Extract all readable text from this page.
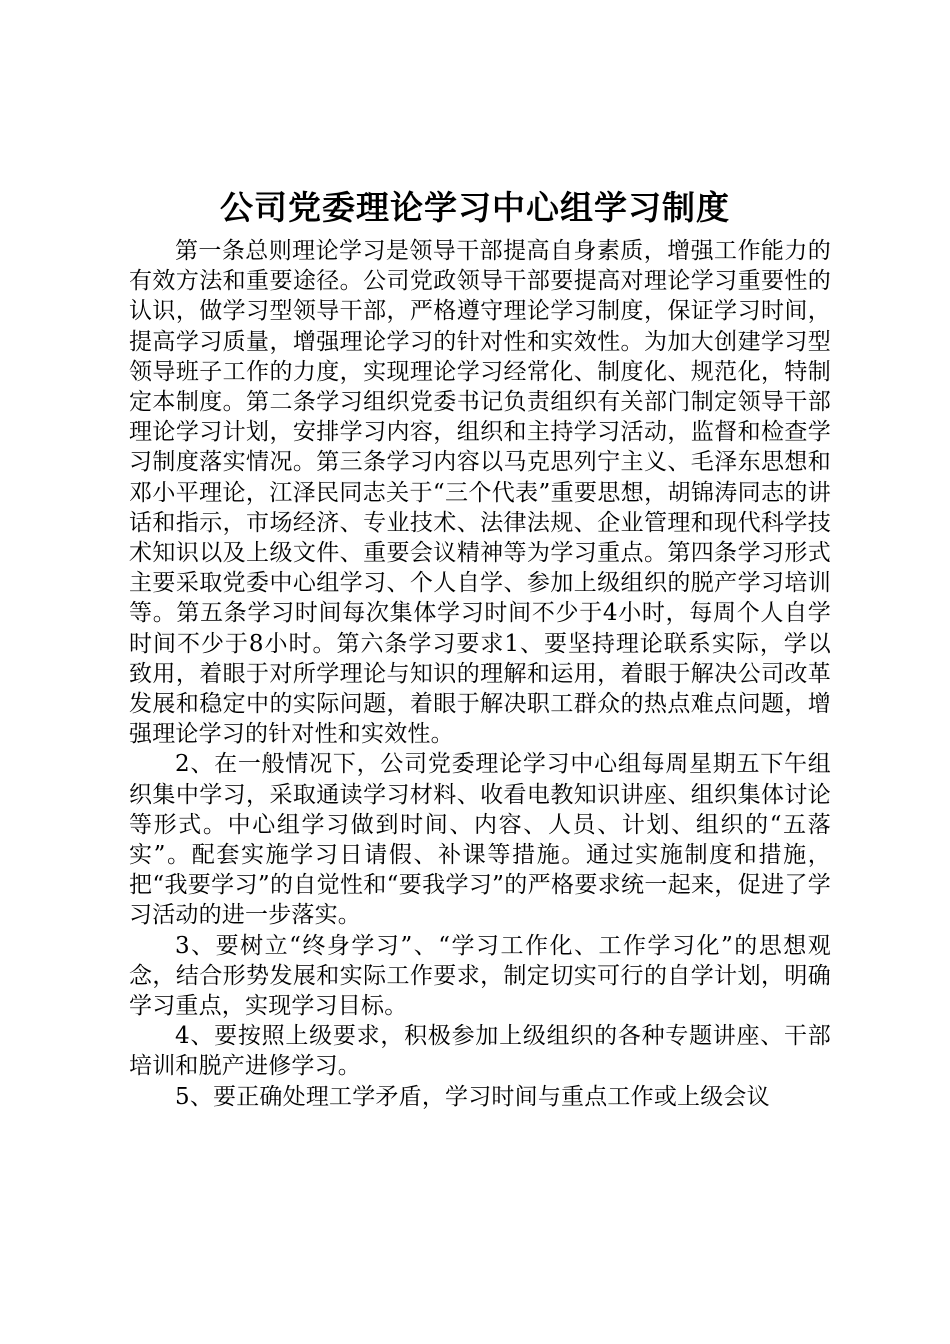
公司党委理论学习中心组学习制度

第一条总则理论学习是领导干部提高自身素质，增强工作能力的有效方法和重要途径。公司党政领导干部要提高对理论学习重要性的认识，做学习型领导干部，严格遵守理论学习制度，保证学习时间，提高学习质量，增强理论学习的针对性和实效性。为加大创建学习型领导班子工作的力度，实现理论学习经常化、制度化、规范化，特制定本制度。第二条学习组织党委书记负责组织有关部门制定领导干部理论学习计划，安排学习内容，组织和主持学习活动，监督和检查学习制度落实情况。第三条学习内容以马克思列宁主义、毛泽东思想和邓小平理论，江泽民同志关于“三个代表”重要思想，胡锦涛同志的讲话和指示，市场经济、专业技术、法律法规、企业管理和现代科学技术知识以及上级文件、重要会议精神等为学习重点。第四条学习形式主要采取党委中心组学习、个人自学、参加上级组织的脱产学习培训等。第五条学习时间每次集体学习时间不少于4小时，每周个人自学时间不少于8小时。第六条学习要求1、要坚持理论联系实际，学以致用，着眼于对所学理论与知识的理解和运用，着眼于解决公司改革发展和稳定中的实际问题，着眼于解决职工群众的热点难点问题，增强理论学习的针对性和实效性。

2、在一般情况下，公司党委理论学习中心组每周星期五下午组织集中学习，采取通读学习材料、收看电教知识讲座、组织集体讨论等形式。中心组学习做到时间、内容、人员、计划、组织的“五落实”。配套实施学习日请假、补课等措施。通过实施制度和措施，把“我要学习”的自觉性和“要我学习”的严格要求统一起来，促进了学习活动的进一步落实。

3、要树立“终身学习”、“学习工作化、工作学习化”的思想观念，结合形势发展和实际工作要求，制定切实可行的自学计划，明确学习重点，实现学习目标。

4、要按照上级要求，积极参加上级组织的各种专题讲座、干部培训和脱产进修学习。

5、要正确处理工学矛盾，学习时间与重点工作或上级会议
